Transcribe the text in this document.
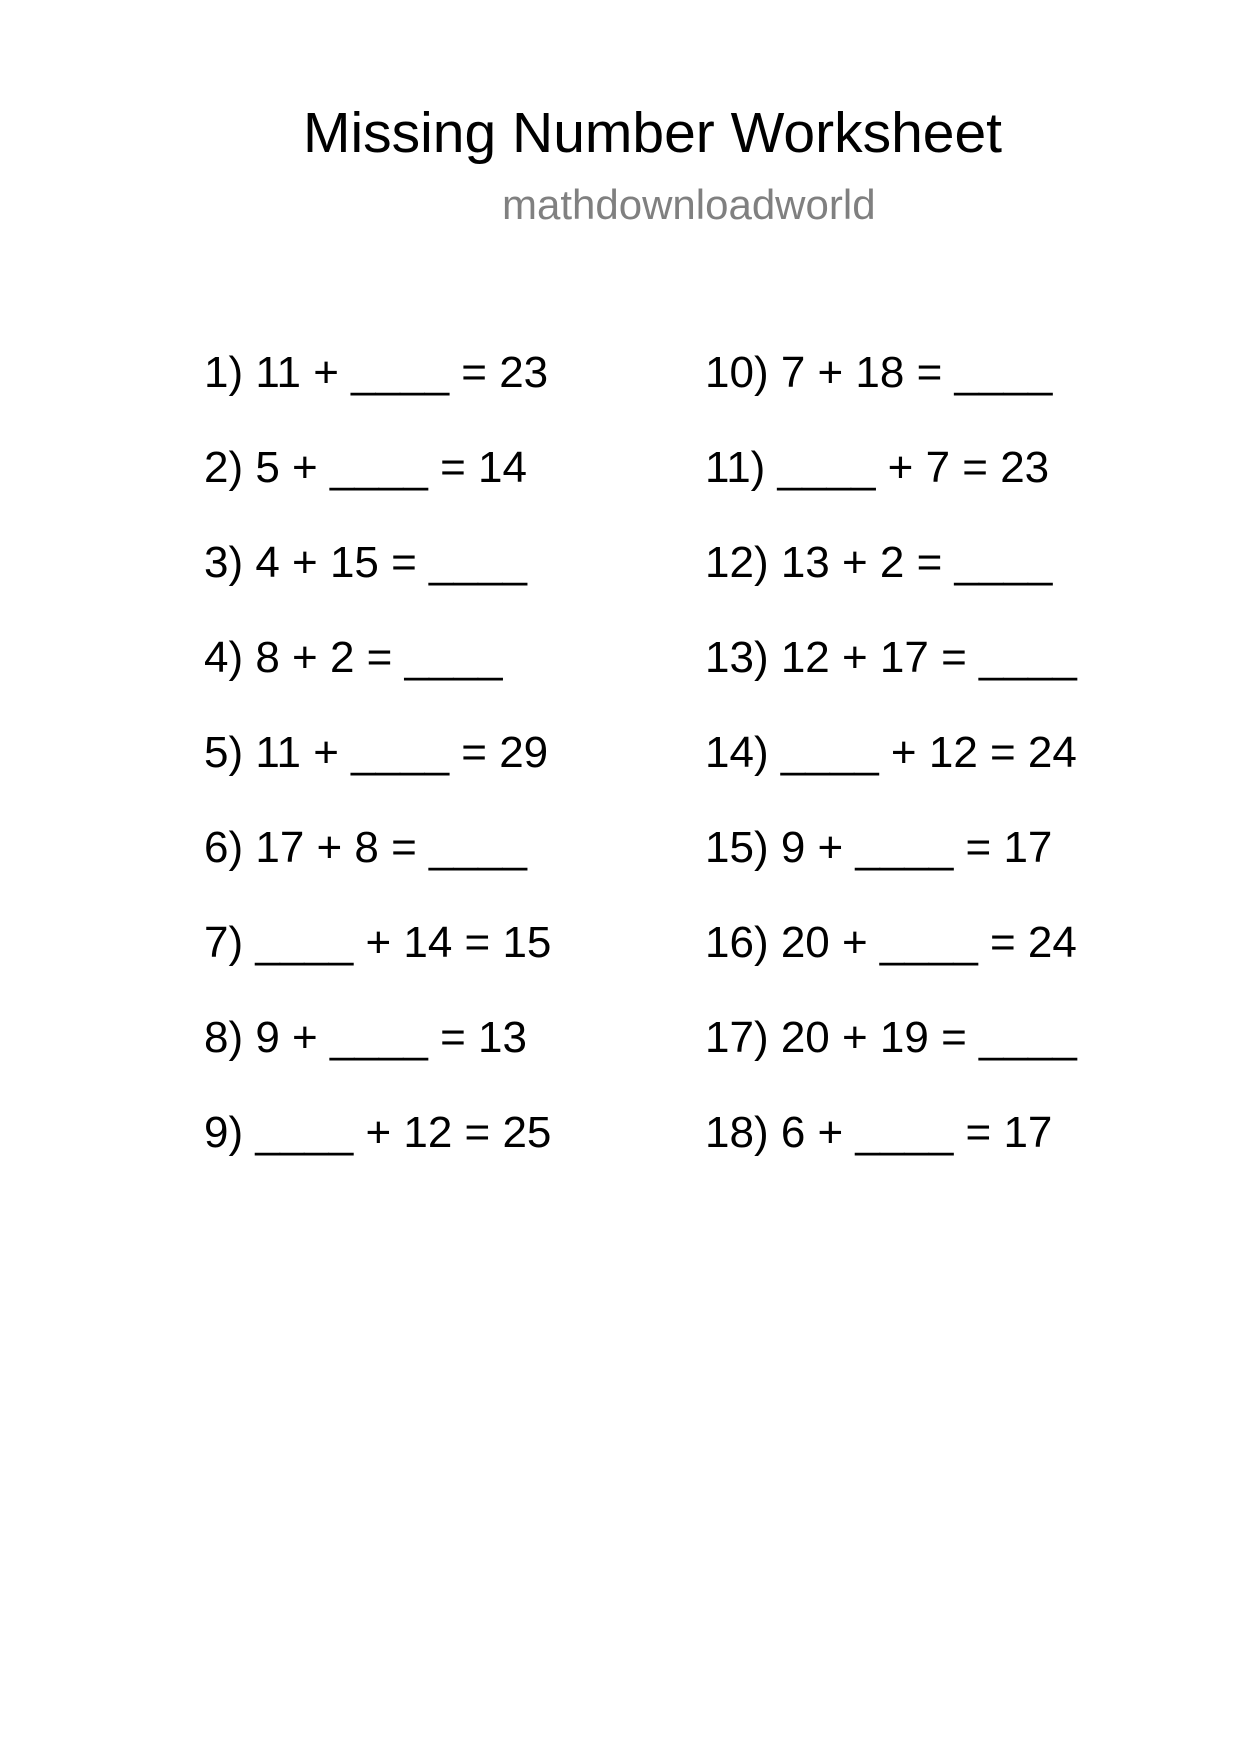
Missing Number Worksheet
mathdownloadworld
1) 11 + ____ = 23
2) 5 + ____ = 14
3) 4 + 15 = ____
4) 8 + 2 = ____
5) 11 + ____ = 29
6) 17 + 8 = ____
7) ____ + 14 = 15
8) 9 + ____ = 13
9) ____ + 12 = 25
10) 7 + 18 = ____
11) ____ + 7 = 23
12) 13 + 2 = ____
13) 12 + 17 = ____
14) ____ + 12 = 24
15) 9 + ____ = 17
16) 20 + ____ = 24
17) 20 + 19 = ____
18) 6 + ____ = 17
